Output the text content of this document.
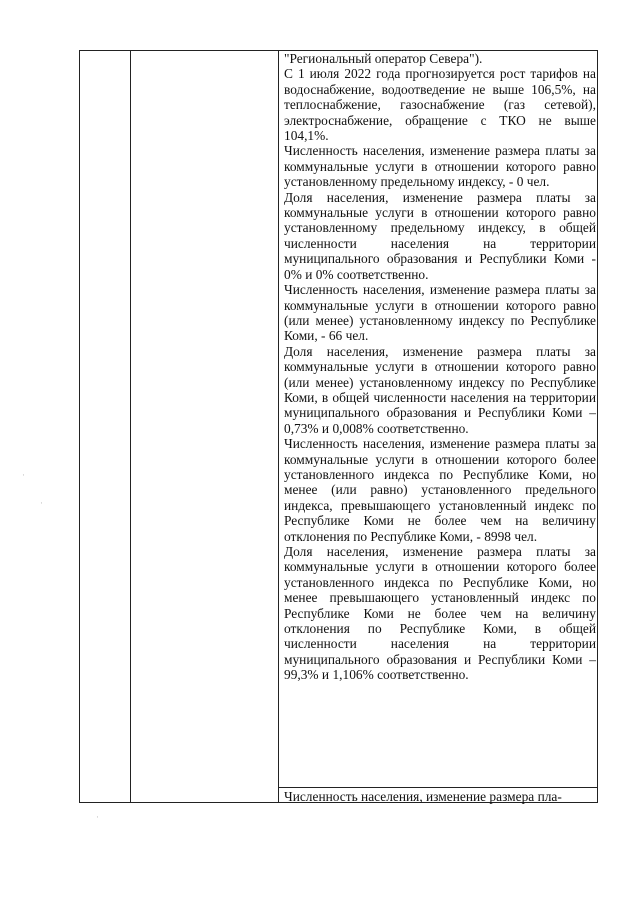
"Региональный оператор Севера").

С 1 июля 2022 года прогнозируется рост тарифов на водоснабжение, водоотведение не выше 106,5%, на теплоснабжение, газоснабжение (газ сетевой), электроснабжение, обращение с ТКО не выше 104,1%.

Численность населения, изменение размера платы за коммунальные услуги в отношении которого равно установленному предельному индексу, - 0 чел.

Доля населения, изменение размера платы за коммунальные услуги в отношении которого равно установленному предельному индексу, в общей численности населения на территории муниципального образования и Республики Коми - 0% и 0% соответственно.

Численность населения, изменение размера платы за коммунальные услуги в отношении которого равно (или менее) установленному индексу по Республике Коми, - 66 чел.

Доля населения, изменение размера платы за коммунальные услуги в отношении которого равно (или менее) установленному индексу по Республике Коми, в общей численности населения на территории муниципального образования и Республики Коми – 0,73% и 0,008% соответственно.

Численность населения, изменение размера платы за коммунальные услуги в отношении которого более установленного индекса по Республике Коми, но менее (или равно) установленного предельного индекса, превышающего установленный индекс по Республике Коми не более чем на величину отклонения по Республике Коми, - 8998 чел.

Доля населения, изменение размера платы за коммунальные услуги в отношении которого более установленного индекса по Республике Коми, но менее превышающего установленный индекс по Республике Коми не более чем на величину отклонения по Республике Коми, в общей численности населения на территории муниципального образования и Республики Коми – 99,3% и 1,106% соответственно.

Численность населения, изменение размера пла-
·
·
·
